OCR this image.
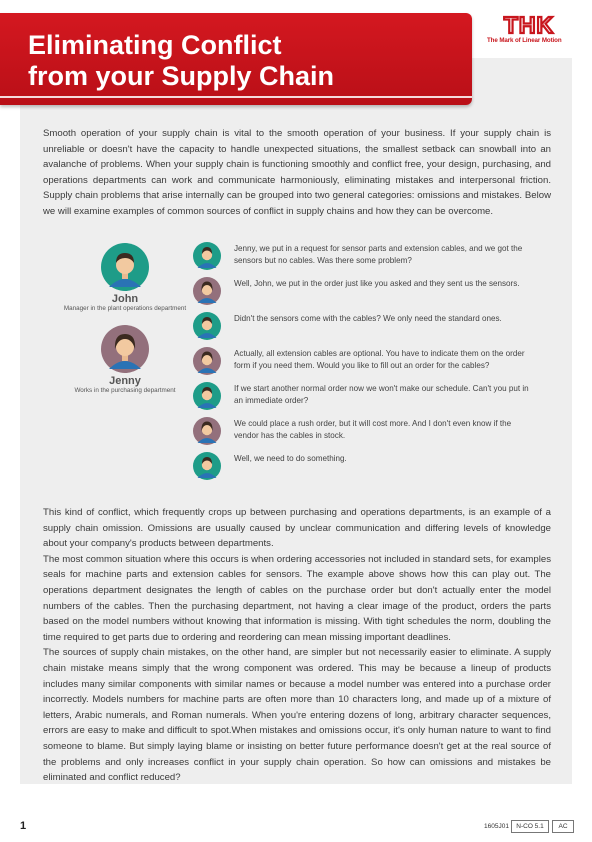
Eliminating Conflict
from your Supply Chain
THK
The Mark of Linear Motion

Smooth operation of your supply chain is vital to the smooth operation of your business. If your supply chain is unreliable or doesn't have the capacity to handle unexpected situations, the smallest setback can snowball into an avalanche of problems. When your supply chain is functioning smoothly and conflict free, your design, purchasing, and operations departments can work and communicate harmoniously, eliminating mistakes and interpersonal friction. Supply chain problems that arise internally can be grouped into two general categories: omissions and mistakes. Below we will examine examples of common sources of conflict in supply chains and how they can be overcome.

John
Manager in the plant operations department
Jenny
Works in the purchasing department
Jenny, we put in a request for sensor parts and extension cables, and we got the sensors but no cables. Was there some problem?
Well, John, we put in the order just like you asked and they sent us the sensors.
Didn't the sensors come with the cables? We only need the standard ones.
Actually, all extension cables are optional. You have to indicate them on the order form if you need them. Would you like to fill out an order for the cables?
If we start another normal order now we won't make our schedule. Can't you put in an immediate order?
We could place a rush order, but it will cost more. And I don't even know if the vendor has the cables in stock.
Well, we need to do something.

This kind of conflict, which frequently crops up between purchasing and operations departments, is an example of a supply chain omission. Omissions are usually caused by unclear communication and differing levels of knowledge about your company's products between departments.

The most common situation where this occurs is when ordering accessories not included in standard sets, for examples seals for machine parts and extension cables for sensors. The example above shows how this can play out. The operations department designates the length of cables on the purchase order but don't actually enter the model numbers of the cables. Then the purchasing department, not having a clear image of the product, orders the parts based on the model numbers without knowing that information is missing. With tight schedules the norm, doubling the time required to get parts due to ordering and reordering can mean missing important deadlines.

The sources of supply chain mistakes, on the other hand, are simpler but not necessarily easier to eliminate. A supply chain mistake means simply that the wrong component was ordered. This may be because a lineup of products includes many similar components with similar names or because a model number was entered into a purchase order incorrectly. Models numbers for machine parts are often more than 10 characters long, and made up of a mixture of letters, Arabic numerals, and Roman numerals. When you're entering dozens of long, arbitrary character sequences, errors are easy to make and difficult to spot.When mistakes and omissions occur, it's only human nature to want to find someone to blame. But simply laying blame or insisting on better future performance doesn't get at the real source of the problems and only increases conflict in your supply chain operation. So how can omissions and mistakes be eliminated and conflict reduced?

1	1605J01	N-CO 5.1	AC
